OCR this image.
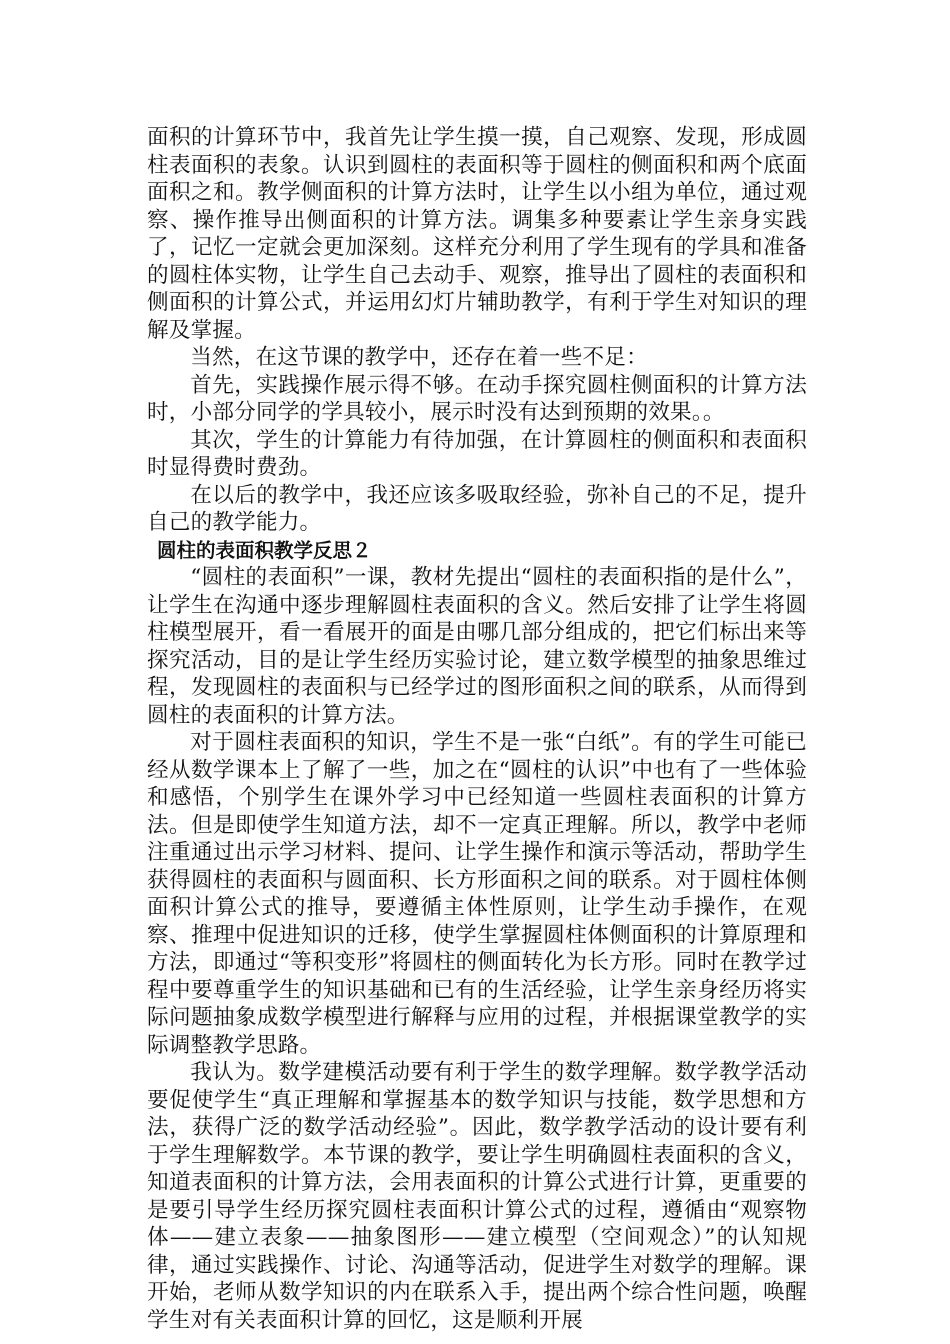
面积的计算环节中，我首先让学生摸一摸，自己观察、发现，形成圆柱表面积的表象。认识到圆柱的表面积等于圆柱的侧面积和两个底面面积之和。教学侧面积的计算方法时，让学生以小组为单位，通过观察、操作推导出侧面积的计算方法。调集多种要素让学生亲身实践了，记忆一定就会更加深刻。这样充分利用了学生现有的学具和准备的圆柱体实物，让学生自己去动手、观察，推导出了圆柱的表面积和侧面积的计算公式，并运用幻灯片辅助教学，有利于学生对知识的理解及掌握。

当然，在这节课的教学中，还存在着一些不足：

首先，实践操作展示得不够。在动手探究圆柱侧面积的计算方法时，小部分同学的学具较小，展示时没有达到预期的效果。。

其次，学生的计算能力有待加强，在计算圆柱的侧面积和表面积时显得费时费劲。

在以后的教学中，我还应该多吸取经验，弥补自己的不足，提升自己的教学能力。

圆柱的表面积教学反思２

“圆柱的表面积”一课，教材先提出“圆柱的表面积指的是什么”，让学生在沟通中逐步理解圆柱表面积的含义。然后安排了让学生将圆柱模型展开，看一看展开的面是由哪几部分组成的，把它们标出来等探究活动，目的是让学生经历实验讨论，建立数学模型的抽象思维过程，发现圆柱的表面积与已经学过的图形面积之间的联系，从而得到圆柱的表面积的计算方法。

对于圆柱表面积的知识，学生不是一张“白纸”。有的学生可能已经从数学课本上了解了一些，加之在“圆柱的认识”中也有了一些体验和感悟，个别学生在课外学习中已经知道一些圆柱表面积的计算方法。但是即使学生知道方法，却不一定真正理解。所以，教学中老师注重通过出示学习材料、提问、让学生操作和演示等活动，帮助学生获得圆柱的表面积与圆面积、长方形面积之间的联系。对于圆柱体侧面积计算公式的推导，要遵循主体性原则，让学生动手操作，在观察、推理中促进知识的迁移，使学生掌握圆柱体侧面积的计算原理和方法，即通过“等积变形”将圆柱的侧面转化为长方形。同时在教学过程中要尊重学生的知识基础和已有的生活经验，让学生亲身经历将实际问题抽象成数学模型进行解释与应用的过程，并根据课堂教学的实际调整教学思路。

我认为。数学建模活动要有利于学生的数学理解。数学教学活动要促使学生“真正理解和掌握基本的数学知识与技能，数学思想和方法，获得广泛的数学活动经验”。因此，数学教学活动的设计要有利于学生理解数学。本节课的教学，要让学生明确圆柱表面积的含义，知道表面积的计算方法，会用表面积的计算公式进行计算，更重要的是要引导学生经历探究圆柱表面积计算公式的过程，遵循由“观察物体——建立表象——抽象图形——建立模型（空间观念）”的认知规律，通过实践操作、讨论、沟通等活动，促进学生对数学的理解。课开始，老师从数学知识的内在联系入手，提出两个综合性问题，唤醒学生对有关表面积计算的回忆，这是顺利开展
